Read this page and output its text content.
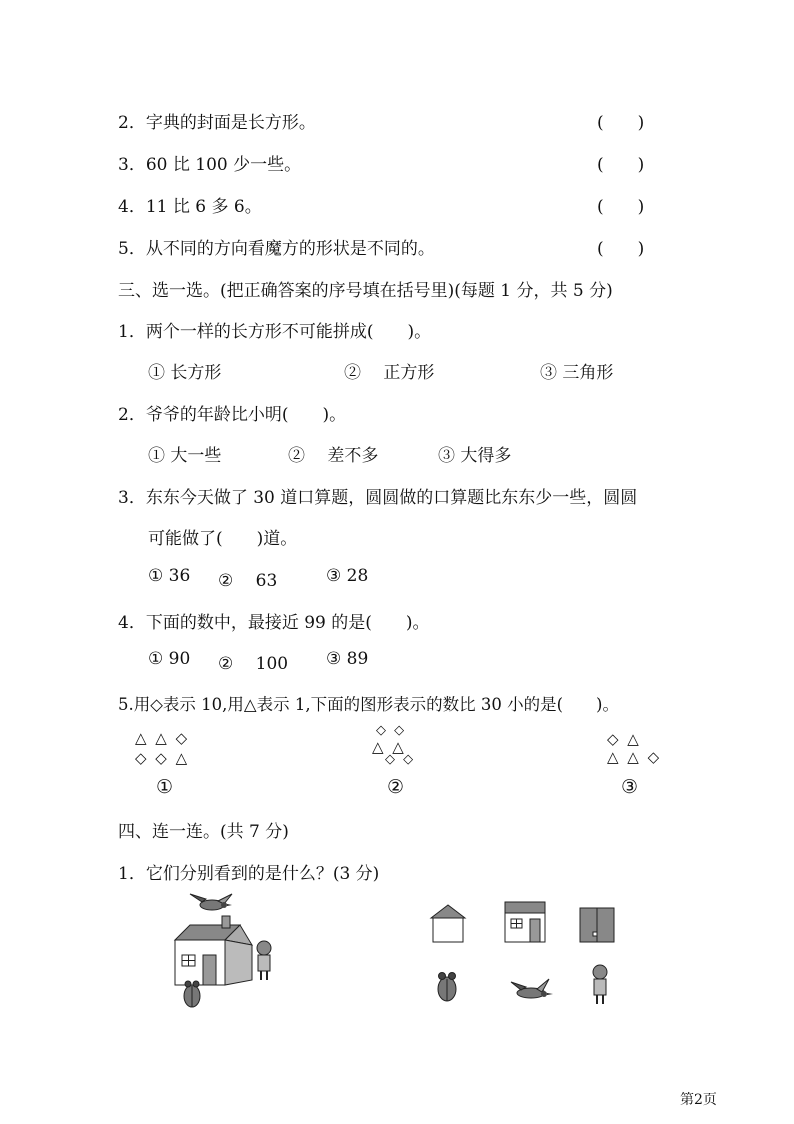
2．字典的封面是长方形。	(　　)
3．60 比 100 少一些。	(　　)
4．11 比 6 多 6。	(　　)
5．从不同的方向看魔方的形状是不同的。	(　　)
三、选一选。(把正确答案的序号填在括号里)(每题 1 分，共 5 分)
1．两个一样的长方形不可能拼成(　　)。
① 长方形	② 　正方形	③ 三角形
2．爷爷的年龄比小明(　　)。
① 大一些	② 　差不多	③ 大得多
3．东东今天做了 30 道口算题，圆圆做的口算题比东东少一些，圆圆
可能做了(　　)道。
① 36 ② 　63	③ 28
4．下面的数中，最接近 99 的是(　　)。
① 90 ② 　100 ③ 89
5.用◇表示 10,用△表示 1,下面的图形表示的数比 30 小的是(　　)。
△ △ ◇
◇ ◇ △
◇ ◇
△ △
◇ ◇
◇ △
△ △ ◇
①	②	③
四、连一连。(共 7 分)
1．它们分别看到的是什么？(3 分)
第2页
